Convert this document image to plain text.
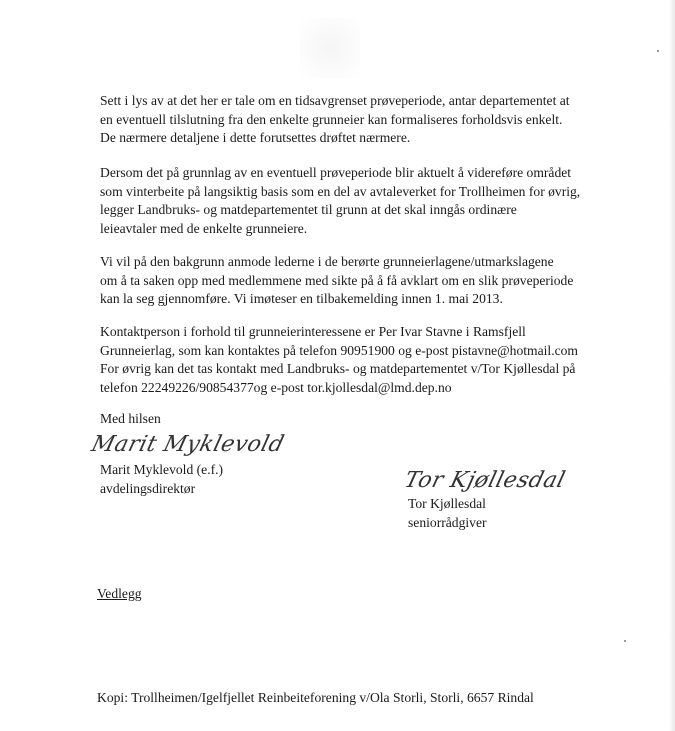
Sett i lys av at det her er tale om en tidsavgrenset prøveperiode, antar departementet at
en eventuell tilslutning fra den enkelte grunneier kan formaliseres forholdsvis enkelt.
De nærmere detaljene i dette forutsettes drøftet nærmere.

Dersom det på grunnlag av en eventuell prøveperiode blir aktuelt å videreføre området
som vinterbeite på langsiktig basis som en del av avtaleverket for Trollheimen for øvrig,
legger Landbruks- og matdepartementet til grunn at det skal inngås ordinære
leieavtaler med de enkelte grunneiere.

Vi vil på den bakgrunn anmode lederne i de berørte grunneierlagene/utmarkslagene
om å ta saken opp med medlemmene med sikte på å få avklart om en slik prøveperiode
kan la seg gjennomføre. Vi imøteser en tilbakemelding innen 1. mai 2013.

Kontaktperson i forhold til grunneierinteressene er Per Ivar Stavne i Ramsfjell
Grunneierlag, som kan kontaktes på telefon 90951900 og e-post pistavne@hotmail.com
For øvrig kan det tas kontakt med Landbruks- og matdepartementet v/Tor Kjøllesdal på
telefon 22249226/90854377og e-post tor.kjollesdal@lmd.dep.no

Med hilsen
Marit Myklevold
Marit Myklevold (e.f.)
avdelingsdirektør	Tor Kjøllesdal
Tor Kjøllesdal
seniorrådgiver
Vedlegg
Kopi: Trollheimen/Igelfjellet Reinbeiteforening v/Ola Storli, Storli, 6657 Rindal
